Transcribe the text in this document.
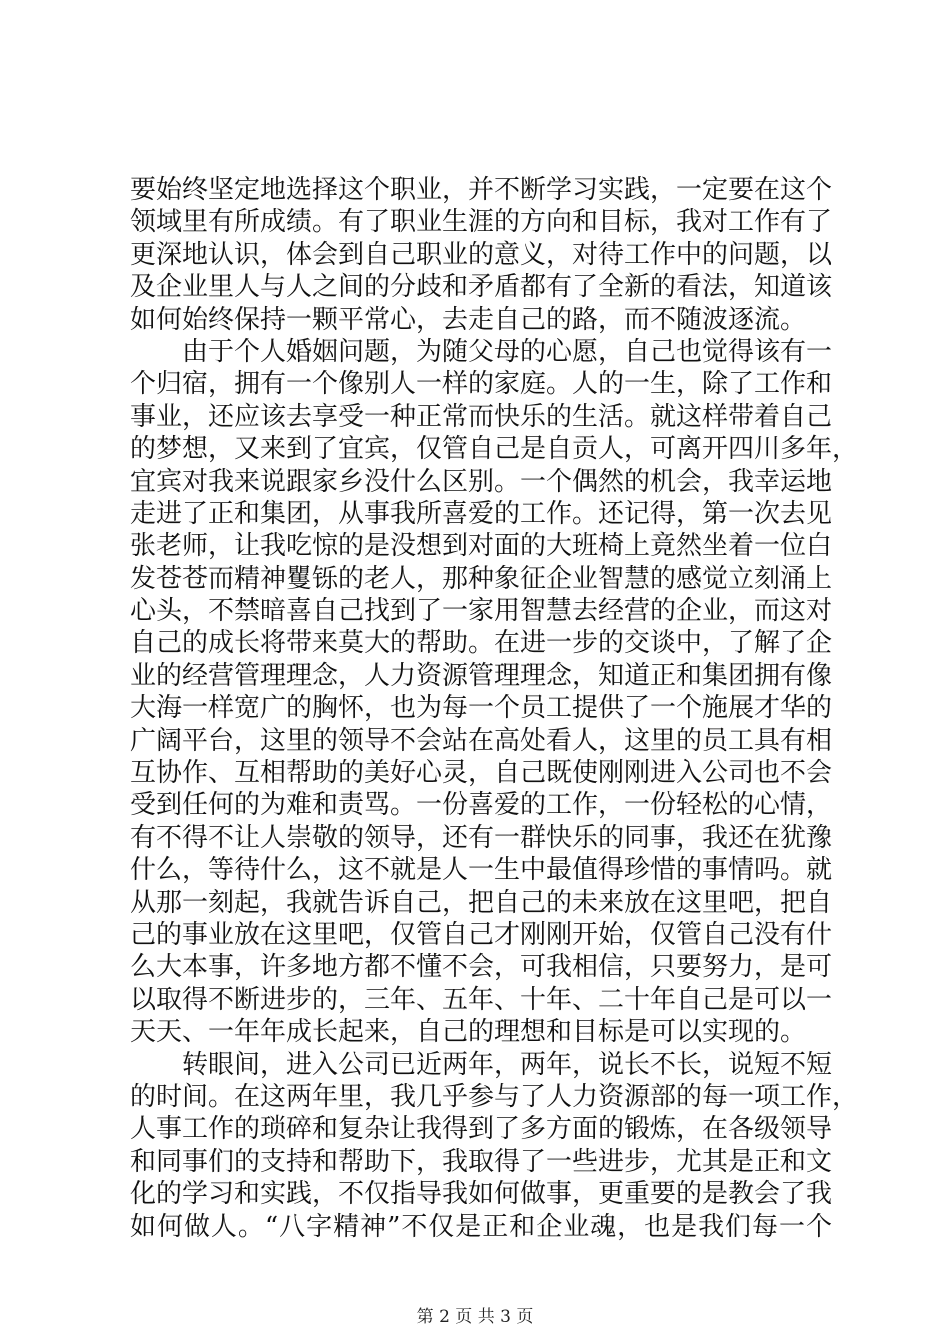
要始终坚定地选择这个职业，并不断学习实践，一定要在这个
领域里有所成绩。有了职业生涯的方向和目标，我对工作有了
更深地认识，体会到自己职业的意义，对待工作中的问题，以
及企业里人与人之间的分歧和矛盾都有了全新的看法，知道该
如何始终保持一颗平常心，去走自己的路，而不随波逐流。
由于个人婚姻问题，为随父母的心愿，自己也觉得该有一
个归宿，拥有一个像别人一样的家庭。人的一生，除了工作和
事业，还应该去享受一种正常而快乐的生活。就这样带着自己
的梦想，又来到了宜宾，仅管自己是自贡人，可离开四川多年，
宜宾对我来说跟家乡没什么区别。一个偶然的机会，我幸运地
走进了正和集团，从事我所喜爱的工作。还记得，第一次去见
张老师，让我吃惊的是没想到对面的大班椅上竟然坐着一位白
发苍苍而精神矍铄的老人，那种象征企业智慧的感觉立刻涌上
心头，不禁暗喜自己找到了一家用智慧去经营的企业，而这对
自己的成长将带来莫大的帮助。在进一步的交谈中，了解了企
业的经营管理理念，人力资源管理理念，知道正和集团拥有像
大海一样宽广的胸怀，也为每一个员工提供了一个施展才华的
广阔平台，这里的领导不会站在高处看人，这里的员工具有相
互协作、互相帮助的美好心灵，自己既使刚刚进入公司也不会
受到任何的为难和责骂。一份喜爱的工作，一份轻松的心情，
有不得不让人崇敬的领导，还有一群快乐的同事，我还在犹豫
什么，等待什么，这不就是人一生中最值得珍惜的事情吗。就
从那一刻起，我就告诉自己，把自己的未来放在这里吧，把自
己的事业放在这里吧，仅管自己才刚刚开始，仅管自己没有什
么大本事，许多地方都不懂不会，可我相信，只要努力，是可
以取得不断进步的，三年、五年、十年、二十年自己是可以一
天天、一年年成长起来，自己的理想和目标是可以实现的。
转眼间，进入公司已近两年，两年，说长不长，说短不短
的时间。在这两年里，我几乎参与了人力资源部的每一项工作，
人事工作的琐碎和复杂让我得到了多方面的锻炼，在各级领导
和同事们的支持和帮助下，我取得了一些进步，尤其是正和文
化的学习和实践，不仅指导我如何做事，更重要的是教会了我
如何做人。“八字精神”不仅是正和企业魂，也是我们每一个
第 2 页 共 3 页
